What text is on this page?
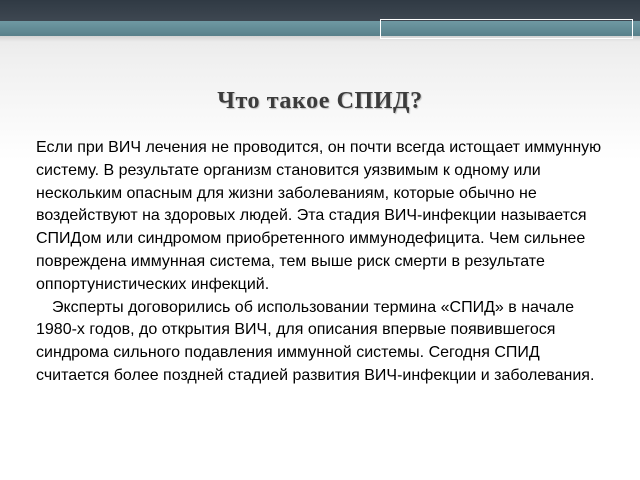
Что такое СПИД?
Если при ВИЧ лечения не проводится, он почти всегда истощает иммунную систему. В результате организм становится уязвимым к одному или нескольким опасным для жизни заболеваниям, которые обычно не воздействуют на здоровых людей. Эта стадия ВИЧ-инфекции называется СПИДом или синдромом приобретенного иммунодефицита. Чем сильнее повреждена иммунная система, тем выше риск смерти в результате оппортунистических инфекций.
Эксперты договорились об использовании термина «СПИД» в начале 1980-х годов, до открытия ВИЧ, для описания впервые появившегося синдрома сильного подавления иммунной системы. Сегодня СПИД считается более поздней стадией развития ВИЧ-инфекции и заболевания.
